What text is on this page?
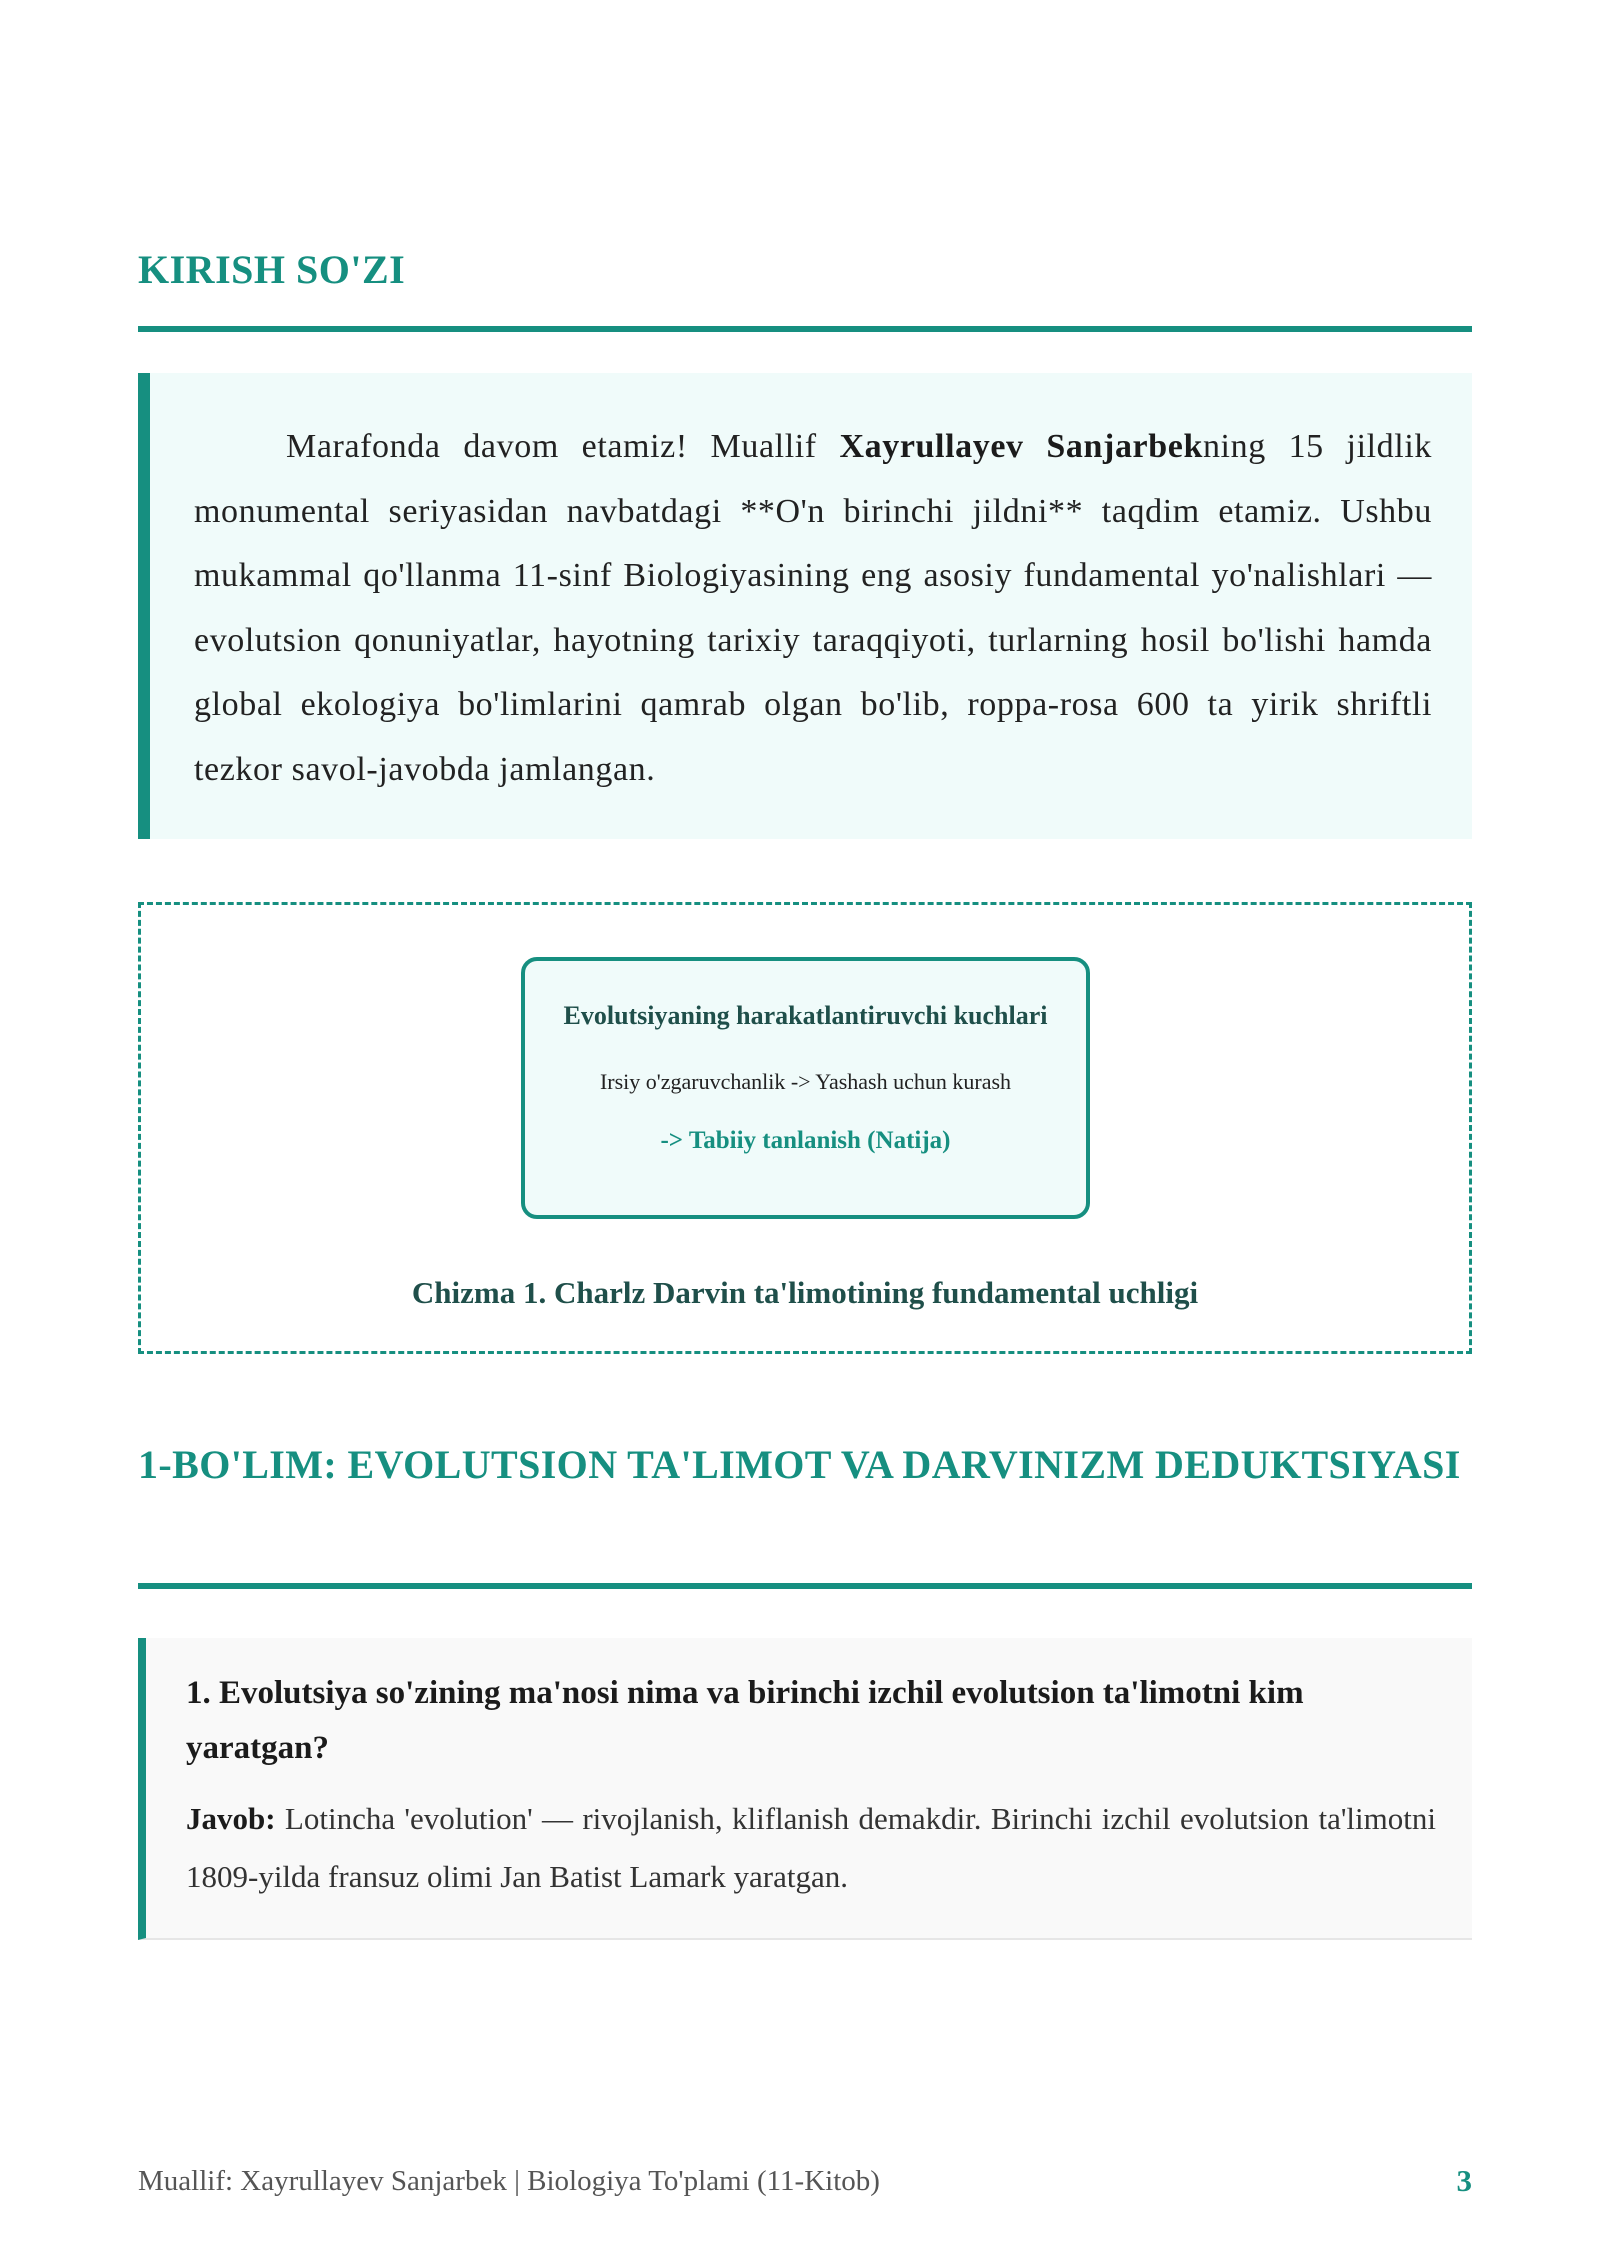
KIRISH SO'ZI

Marafonda davom etamiz! Muallif Xayrullayev Sanjarbekning 15 jildlik monumental seriyasidan navbatdagi **O'n birinchi jildni** taqdim etamiz. Ushbu mukammal qo'llanma 11-sinf Biologiyasining eng asosiy fundamental yo'nalishlari — evolutsion qonuniyatlar, hayotning tarixiy taraqqiyoti, turlarning hosil bo'lishi hamda global ekologiya bo'limlarini qamrab olgan bo'lib, roppa-rosa 600 ta yirik shriftli tezkor savol-javobda jamlangan.

Evolutsiyaning harakatlantiruvchi kuchlari
Irsiy o'zgaruvchanlik -> Yashash uchun kurash
-> Tabiiy tanlanish (Natija)

Chizma 1. Charlz Darvin ta'limotining fundamental uchligi

1-BO'LIM: EVOLUTSION TA'LIMOT VA DARVINIZM DEDUKTSIYASI

1. Evolutsiya so'zining ma'nosi nima va birinchi izchil evolutsion ta'limotni kim yaratgan?

Javob: Lotincha 'evolution' — rivojlanish, kliflanish demakdir. Birinchi izchil evolutsion ta'limotni 1809-yilda fransuz olimi Jan Batist Lamark yaratgan.

Muallif: Xayrullayev Sanjarbek | Biologiya To'plami (11-Kitob)	3
